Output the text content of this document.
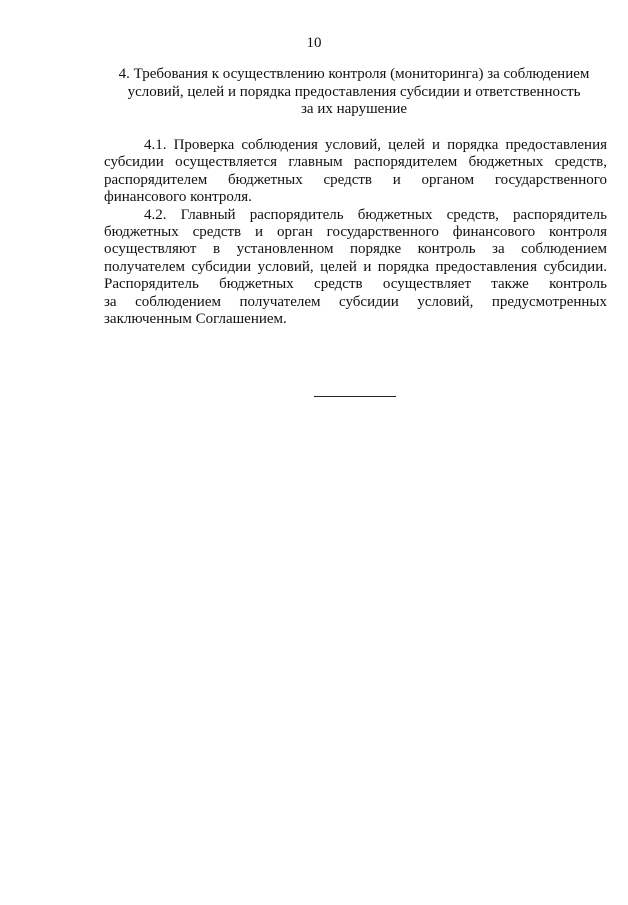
10
4. Требования к осуществлению контроля (мониторинга) за соблюдением
условий, целей и порядка предоставления субсидии и ответственность
за их нарушение

4.1. Проверка соблюдения условий, целей и порядка предоставления
субсидии осуществляется главным распорядителем бюджетных средств,
распорядителем бюджетных средств и органом государственного
финансового контроля.

4.2. Главный распорядитель бюджетных средств, распорядитель
бюджетных средств и орган государственного финансового контроля
осуществляют в установленном порядке контроль за соблюдением
получателем субсидии условий, целей и порядка предоставления субсидии.
Распорядитель бюджетных средств осуществляет также контроль
за соблюдением получателем субсидии условий, предусмотренных
заключенным Соглашением.
